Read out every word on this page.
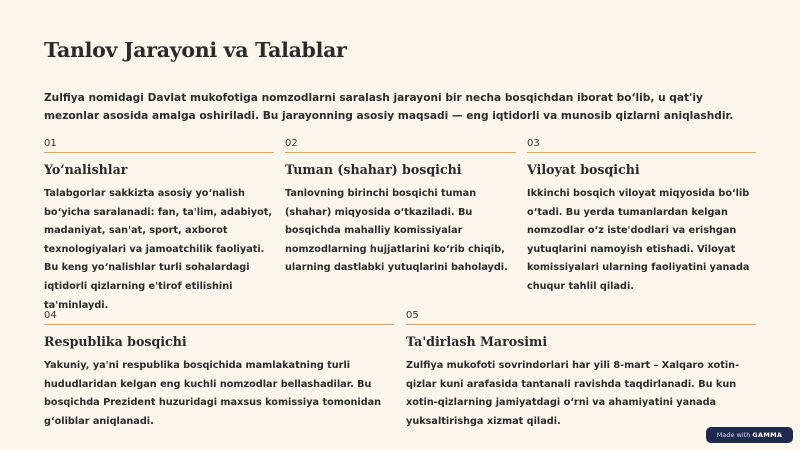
Tanlov Jarayoni va Talablar
Zulfiya nomidagi Davlat mukofotiga nomzodlarni saralash jarayoni bir necha bosqichdan iborat bo‘lib, u qat'iy mezonlar asosida amalga oshiriladi. Bu jarayonning asosiy maqsadi — eng iqtidorli va munosib qizlarni aniqlashdir.
01
Yo‘nalishlar
Talabgorlar sakkizta asosiy yo‘nalish bo‘yicha saralanadi: fan, ta'lim, adabiyot, madaniyat, san'at, sport, axborot texnologiyalari va jamoatchilik faoliyati. Bu keng yo‘nalishlar turli sohalardagi iqtidorli qizlarning e'tirof etilishini ta'minlaydi.
02
Tuman (shahar) bosqichi
Tanlovning birinchi bosqichi tuman (shahar) miqyosida o‘tkaziladi. Bu bosqichda mahalliy komissiyalar nomzodlarning hujjatlarini ko‘rib chiqib, ularning dastlabki yutuqlarini baholaydi.
03
Viloyat bosqichi
Ikkinchi bosqich viloyat miqyosida bo‘lib o‘tadi. Bu yerda tumanlardan kelgan nomzodlar o‘z iste'dodlari va erishgan yutuqlarini namoyish etishadi. Viloyat komissiyalari ularning faoliyatini yanada chuqur tahlil qiladi.
04
Respublika bosqichi
Yakuniy, ya'ni respublika bosqichida mamlakatning turli hududlaridan kelgan eng kuchli nomzodlar bellashadilar. Bu bosqichda Prezident huzuridagi maxsus komissiya tomonidan g‘oliblar aniqlanadi.
05
Ta'dirlash Marosimi
Zulfiya mukofoti sovrindorlari har yili 8-mart – Xalqaro xotin-qizlar kuni arafasida tantanali ravishda taqdirlanadi. Bu kun xotin-qizlarning jamiyatdagi o‘rni va ahamiyatini yanada yuksaltirishga xizmat qiladi.
Made with GAMMA
